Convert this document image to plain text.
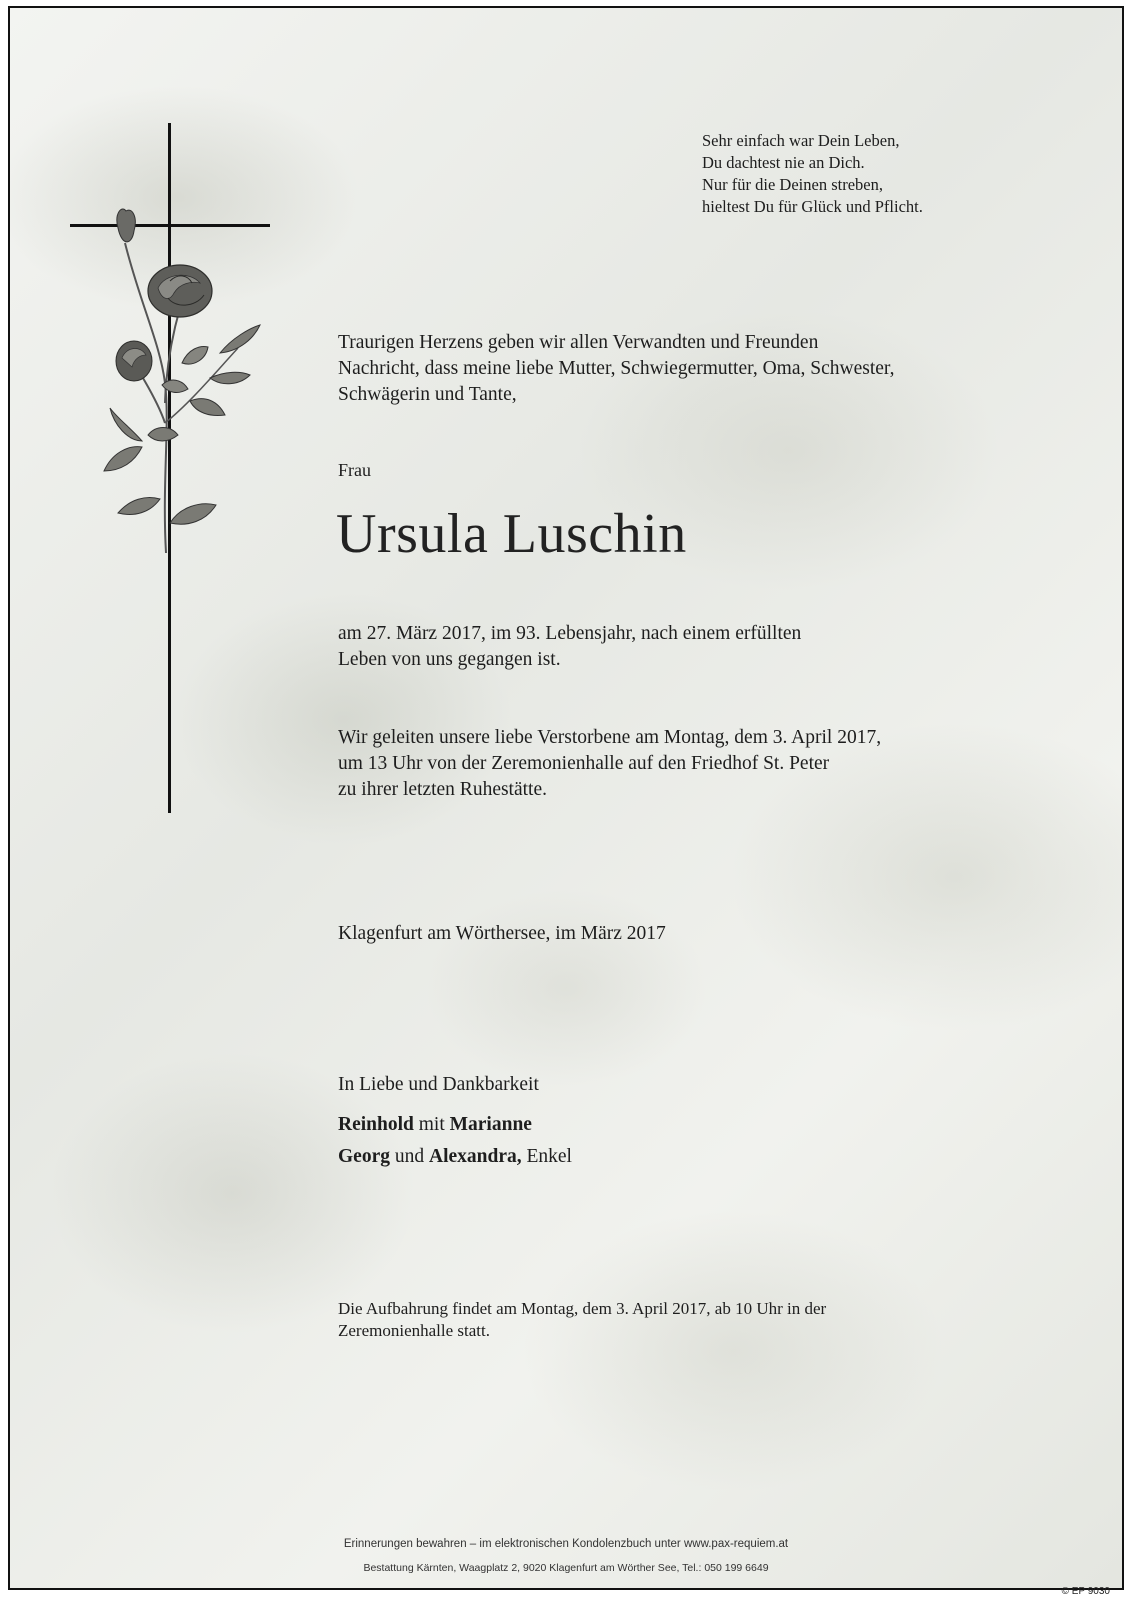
Sehr einfach war Dein Leben,
Du dachtest nie an Dich.
Nur für die Deinen streben,
hieltest Du für Glück und Pflicht.
Traurigen Herzens geben wir allen Verwandten und Freunden
Nachricht, dass meine liebe Mutter, Schwiegermutter, Oma, Schwester,
Schwägerin und Tante,

Frau

Ursula Luschin
am 27. März 2017, im 93. Lebensjahr, nach einem erfüllten
Leben von uns gegangen ist.
Wir geleiten unsere liebe Verstorbene am Montag, dem 3. April 2017,
um 13 Uhr von der Zeremonienhalle auf den Friedhof St. Peter
zu ihrer letzten Ruhestätte.

Klagenfurt am Wörthersee, im März 2017

In Liebe und Dankbarkeit

Reinhold mit Marianne

Georg und Alexandra, Enkel

Die Aufbahrung findet am Montag, dem 3. April 2017, ab 10 Uhr in der
Zeremonienhalle statt.

Erinnerungen bewahren – im elektronischen Kondolenzbuch unter www.pax-requiem.at

Bestattung Kärnten, Waagplatz 2, 9020 Klagenfurt am Wörther See, Tel.: 050 199 6649

© EP 9030
